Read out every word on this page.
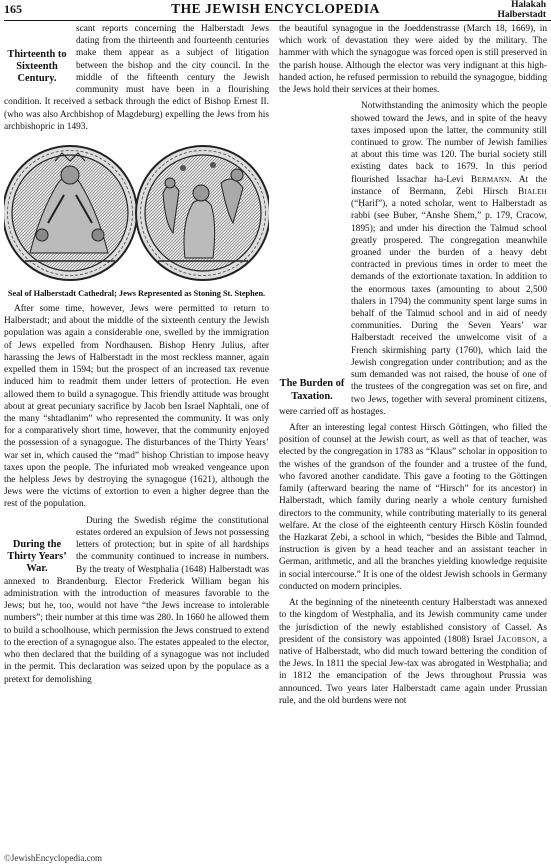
165	THE JEWISH ENCYCLOPEDIA	Halakah
Halberstadt

Thirteenth to Sixteenth Century.
scant reports concerning the Halberstadt Jews dating from the thirteenth and fourteenth centuries make them appear as a subject of litigation between the bishop and the city council. In the middle of the fifteenth century the Jewish community must have been in a flourishing condition. It received a setback through the edict of Bishop Ernest II. (who was also Archbishop of Magdeburg) expelling the Jews from his archbishopric in 1493.

Seal of Halberstadt Cathedral; Jews Represented as Stoning St. Stephen.

After some time, however, Jews were permitted to return to Halberstadt; and about the middle of the sixteenth century the Jewish population was again a considerable one, swelled by the immigration of Jews expelled from Nordhausen. Bishop Henry Julius, after harassing the Jews of Halberstadt in the most reckless manner, again expelled them in 1594; but the prospect of an increased tax revenue induced him to readmit them under letters of protection. He even allowed them to build a synagogue. This friendly attitude was brought about at great pecuniary sacrifice by Jacob ben Israel Naphtali, one of the many “shtadlanim” who represented the community. It was only for a comparatively short time, however, that the community enjoyed the possession of a synagogue. The disturbances of the Thirty Years’ war set in, which caused the “mad” bishop Christian to impose heavy taxes upon the people. The infuriated mob wreaked vengeance upon the helpless Jews by destroying the synagogue (1621), although the Jews were the victims of extortion to even a higher degree than the rest of the population.

During the Thirty Years’ War.
During the Swedish régime the constitutional estates ordered an expulsion of Jews not possessing letters of protection; but in spite of all hardships the community continued to increase in numbers. By the treaty of Westphalia (1648) Halberstadt was annexed to Brandenburg. Elector Frederick William began his administration with the introduction of measures favorable to the Jews; but he, too, would not have “the Jews increase to intolerable numbers”; their number at this time was 280. In 1660 he allowed them to build a schoolhouse, which permission the Jews construed to extend to the erection of a synagogue also. The estates appealed to the elector, who then declared that the building of a synagogue was not included in the permit. This declaration was seized upon by the populace as a pretext for demolishing

the beautiful synagogue in the Joeddenstrasse (March 18, 1669), in which work of devastation they were aided by the military. The hammer with which the synagogue was forced open is still preserved in the parish house. Although the elector was very indignant at this high-handed action, he refused permission to rebuild the synagogue, bidding the Jews hold their services at their homes.

The Burden of Taxation.
Notwithstanding the animosity which the people showed toward the Jews, and in spite of the heavy taxes imposed upon the latter, the community still continued to grow. The number of Jewish families at about this time was 120. The burial society still existing dates back to 1679. In this period flourished Issachar ha-Levi Bermann. At the instance of Bermann, Ẓebi Hirsch Bialeh (“Ḥarif”), a noted scholar, went to Halberstadt as rabbi (see Buber, “Anshe Shem,” p. 179, Cracow, 1895); and under his direction the Talmud school greatly prospered. The congregation meanwhile groaned under the burden of a heavy debt contracted in previous times in order to meet the demands of the extortionate taxation. In addition to the enormous taxes (amounting to about 2,500 thalers in 1794) the community spent large sums in behalf of the Talmud school and in aid of needy communities. During the Seven Years’ war Halberstadt received the unwelcome visit of a French skirmishing party (1760), which laid the Jewish congregation under contribution; and as the sum demanded was not raised, the house of one of the trustees of the congregation was set on fire, and two Jews, together with several prominent citizens, were carried off as hostages.

After an interesting legal contest Hirsch Göttingen, who filled the position of counsel at the Jewish court, as well as that of teacher, was elected by the congregation in 1783 as “Klaus” scholar in opposition to the wishes of the grandson of the founder and a trustee of the fund, who favored another candidate. This gave a footing to the Göttingen family (afterward bearing the name of “Hirsch” for its ancestor) in Halberstadt, which family during nearly a whole century furnished directors to the community, while contributing materially to its general welfare. At the close of the eighteenth century Hirsch Köslin founded the Hazkarat Ẓebi, a school in which, “besides the Bible and Talmud, instruction is given by a head teacher and an assistant teacher in German, arithmetic, and all the branches yielding knowledge requisite in social intercourse.” It is one of the oldest Jewish schools in Germany conducted on modern principles.

At the beginning of the nineteenth century Halberstadt was annexed to the kingdom of Westphalia, and its Jewish community came under the jurisdiction of the newly established consistory of Cassel. As president of the consistory was appointed (1808) Israel Jacobson, a native of Halberstadt, who did much toward bettering the condition of the Jews. In 1811 the special Jew-tax was abrogated in Westphalia; and in 1812 the emancipation of the Jews throughout Prussia was announced. Two years later Halberstadt came again under Prussian rule, and the old burdens were not

©JewishEncyclopedia.com
